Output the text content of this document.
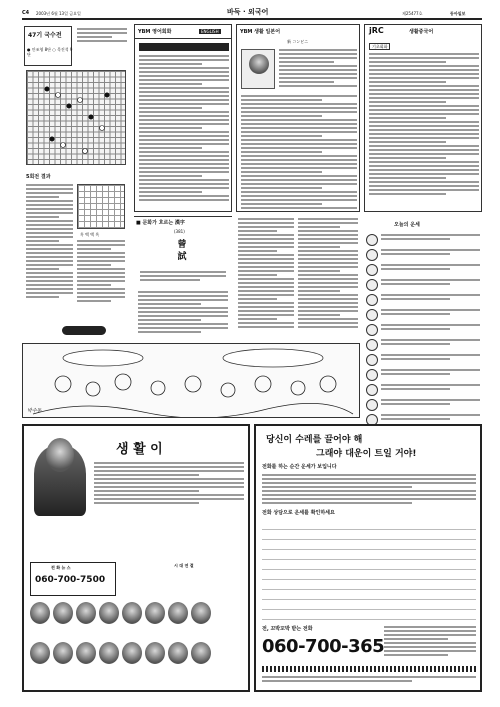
C4 2003년 6월 13일 금요일	바둑 · 외국어	제25477호	동아일보
47기 국수전
● 안조영 8단 ○ 목진석 9단
5회전 결과
흑 백 백 흑
YBM 영어회화	ENGLISH	YBM 생활 일본어
新 コンビニ
jRC	생활중국어
기초회화
■ 문화가 흐르는 漢字
(381)
曾
試
오늘의 운세
박수동
생 활 이
전 화 뉴 스
060-700-7500
시 대 연 결
당신이 수레를 끌어야 해
그래야 대운이 트일 거야!
전화를 하는 순간 운세가 보입니다
전화 상담으로 운세를 확인하세요
전, 꼬박꼬박 받는 전화
060-700-365
